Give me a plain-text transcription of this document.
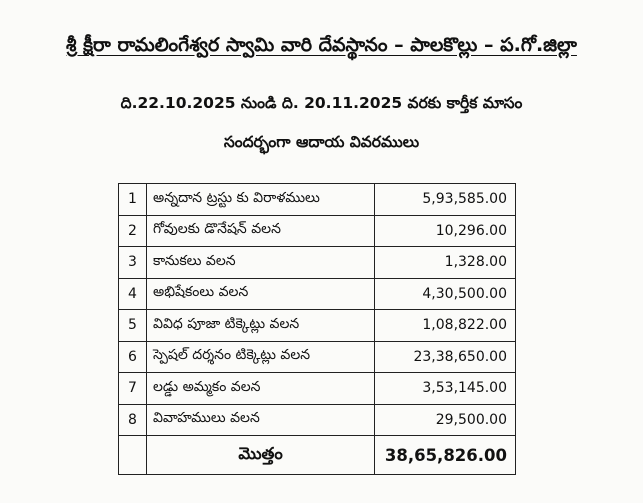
శ్రీ క్షీరా రామలింగేశ్వర స్వామి వారి దేవస్థానం – పాలకొల్లు – ప.గో.జిల్లా
ది.22.10.2025 నుండి ది. 20.11.2025 వరకు కార్తీక మాసం
సందర్భంగా ఆదాయ వివరములు
1	అన్నదాన ట్రస్టు కు విరాళములు	5,93,585.00
2	గోవులకు డొనేషన్ వలన	10,296.00
3	కానుకలు వలన	1,328.00
4	అభిషేకంలు వలన	4,30,500.00
5	వివిధ పూజా టిక్కెట్లు వలన	1,08,822.00
6	స్పెషల్ దర్శనం టిక్కెట్లు వలన	23,38,650.00
7	లడ్డు అమ్మకం వలన	3,53,145.00
8	వివాహములు వలన	29,500.00
	మొత్తం	38,65,826.00
